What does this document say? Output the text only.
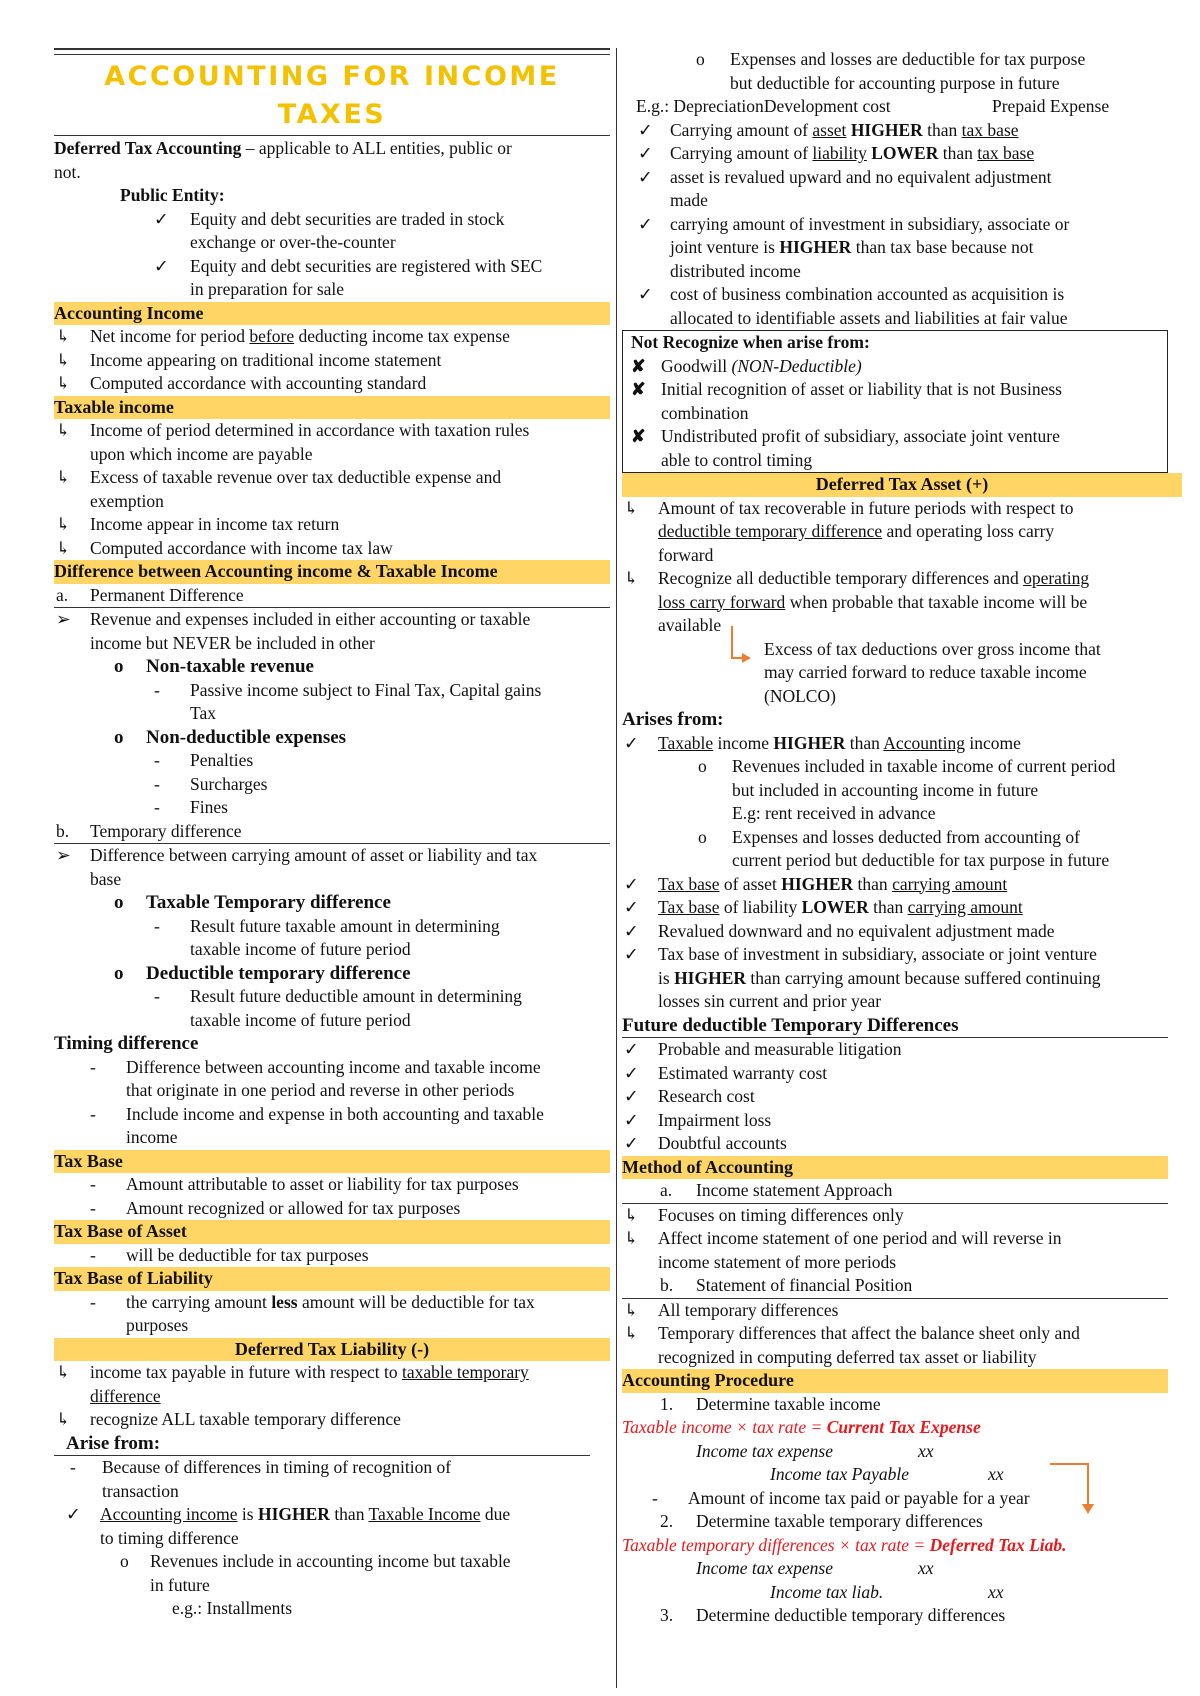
ACCOUNTING FOR INCOME
TAXES
Deferred Tax Accounting – applicable to ALL entities, public or
not.
Public Entity:
✓ Equity and debt securities are traded in stock
exchange or over-the-counter
✓ Equity and debt securities are registered with SEC
in preparation for sale
Accounting Income
↳ Net income for period before deducting income tax expense
↳ Income appearing on traditional income statement
↳ Computed accordance with accounting standard
Taxable income
↳ Income of period determined in accordance with taxation rules
upon which income are payable
↳ Excess of taxable revenue over tax deductible expense and
exemption
↳ Income appear in income tax return
↳ Computed accordance with income tax law
Difference between Accounting income & Taxable Income
a. Permanent Difference
➢ Revenue and expenses included in either accounting or taxable
income but NEVER be included in other
o Non-taxable revenue
- Passive income subject to Final Tax, Capital gains
Tax
o Non-deductible expenses
- Penalties
- Surcharges
- Fines
b. Temporary difference
➢ Difference between carrying amount of asset or liability and tax
base
o Taxable Temporary difference
- Result future taxable amount in determining
taxable income of future period
o Deductible temporary difference
- Result future deductible amount in determining
taxable income of future period
Timing difference
- Difference between accounting income and taxable income
that originate in one period and reverse in other periods
- Include income and expense in both accounting and taxable
income
Tax Base
- Amount attributable to asset or liability for tax purposes
- Amount recognized or allowed for tax purposes
Tax Base of Asset
- will be deductible for tax purposes
Tax Base of Liability
- the carrying amount less amount will be deductible for tax
purposes
Deferred Tax Liability (-)
↳ income tax payable in future with respect to taxable temporary
difference
↳ recognize ALL taxable temporary difference
Arise from:
- Because of differences in timing of recognition of
transaction
✓ Accounting income is HIGHER than Taxable Income due
to timing difference
o Revenues include in accounting income but taxable
in future
e.g.: Installments
o Expenses and losses are deductible for tax purpose
but deductible for accounting purpose in future
E.g.: DepreciationDevelopment cost	Prepaid Expense
✓ Carrying amount of asset HIGHER than tax base
✓ Carrying amount of liability LOWER than tax base
✓ asset is revalued upward and no equivalent adjustment
made
✓ carrying amount of investment in subsidiary, associate or
joint venture is HIGHER than tax base because not
distributed income
✓ cost of business combination accounted as acquisition is
allocated to identifiable assets and liabilities at fair value
Not Recognize when arise from:
✘ Goodwill (NON-Deductible)
✘ Initial recognition of asset or liability that is not Business
combination
✘ Undistributed profit of subsidiary, associate joint venture
able to control timing
Deferred Tax Asset (+)
↳ Amount of tax recoverable in future periods with respect to
deductible temporary difference and operating loss carry
forward
↳ Recognize all deductible temporary differences and operating
loss carry forward when probable that taxable income will be
available
Excess of tax deductions over gross income that
may carried forward to reduce taxable income
(NOLCO)
Arises from:
✓ Taxable income HIGHER than Accounting income
o Revenues included in taxable income of current period
but included in accounting income in future
E.g: rent received in advance
o Expenses and losses deducted from accounting of
current period but deductible for tax purpose in future
✓ Tax base of asset HIGHER than carrying amount
✓ Tax base of liability LOWER than carrying amount
✓ Revalued downward and no equivalent adjustment made
✓ Tax base of investment in subsidiary, associate or joint venture
is HIGHER than carrying amount because suffered continuing
losses sin current and prior year
Future deductible Temporary Differences
✓ Probable and measurable litigation
✓ Estimated warranty cost
✓ Research cost
✓ Impairment loss
✓ Doubtful accounts
Method of Accounting
a. Income statement Approach
↳ Focuses on timing differences only
↳ Affect income statement of one period and will reverse in
income statement of more periods
b. Statement of financial Position
↳ All temporary differences
↳ Temporary differences that affect the balance sheet only and
recognized in computing deferred tax asset or liability
Accounting Procedure
1. Determine taxable income
Taxable income × tax rate = Current Tax Expense
Income tax expense	xx
Income tax Payable	xx
- Amount of income tax paid or payable for a year
2. Determine taxable temporary differences
Taxable temporary differences × tax rate = Deferred Tax Liab.
Income tax expense	xx
Income tax liab.	xx
3. Determine deductible temporary differences
